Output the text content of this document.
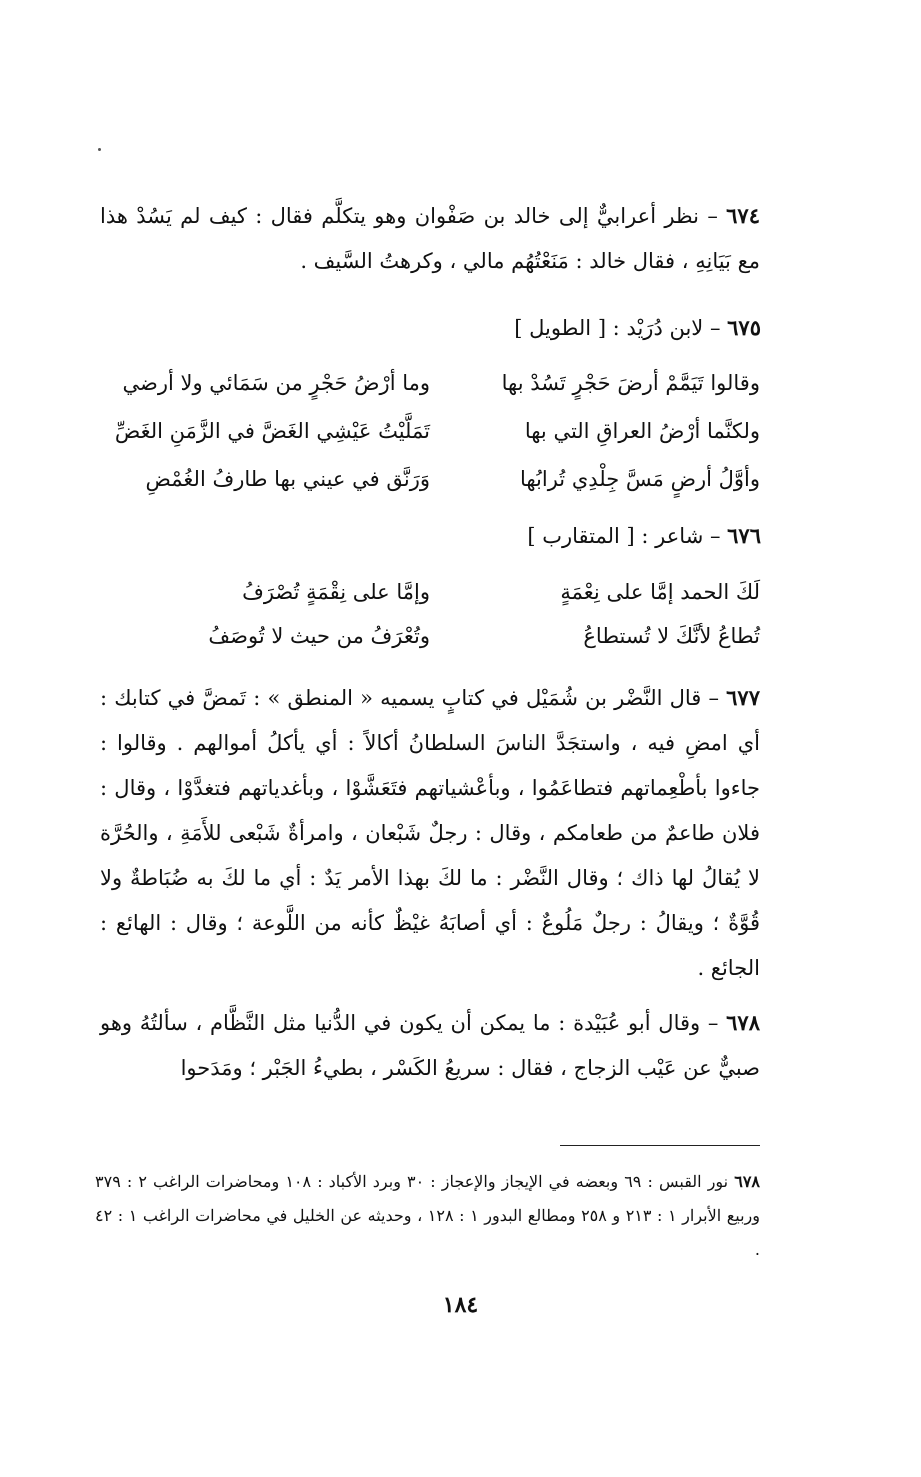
٦٧٤ – نظر أعرابيٌّ إلى خالد بن صَفْوان وهو يتكلَّم فقال : كيف لم يَسُدْ هذا مع بَيَانِهِ ، فقال خالد : مَنَعْتُهُم مالي ، وكرهتُ السَّيف .
٦٧٥ – لابن دُرَيْد : [ الطويل ]
وقالوا تَيَمَّمْ أرضَ حَجْرٍ تَسُدْ بها
وما أرْضُ حَجْرٍ من سَمَائي ولا أرضي
ولكنَّما أرْضُ العراقِ التي بها
تَمَلَّيْتُ عَيْشِي الغَضَّ في الزَّمَنِ الغَضِّ
وأوَّلُ أرضٍ مَسَّ جِلْدِي تُرابُها
وَرَنَّق في عيني بها طارفُ الغُمْضِ
٦٧٦ – شاعر : [ المتقارب ]
لَكَ الحمد إمَّا على نِعْمَةٍ
وإمَّا على نِقْمَةٍ تُصْرَفُ
تُطاعُ لأنَّكَ لا تُستطاعُ
وتُعْرَفُ من حيث لا تُوصَفُ
٦٧٧ – قال النَّضْر بن شُمَيْل في كتابٍ يسميه « المنطق » : تَمضَّ في كتابك : أي امضِ فيه ، واستجَدَّ الناسَ السلطانُ أكالاً : أي يأكلُ أموالهم . وقالوا : جاءوا بأطْعِماتهم فتطاعَمُوا ، وبأعْشياتهم فتَعَشَّوْا ، وبأغدياتهم فتغدَّوْا ، وقال : فلان طاعمٌ من طعامكم ، وقال : رجلٌ شَبْعان ، وامرأةٌ شَبْعى للأَمَةِ ، والحُرَّة لا يُقالُ لها ذاك ؛ وقال النَّضْر : ما لكَ بهذا الأمر يَدٌ : أي ما لكَ به ضُبَاطةٌ ولا قُوَّةٌ ؛ ويقالُ : رجلٌ مَلُوعٌ : أي أصابَهُ غيْظٌ كأنه من اللَّوعة ؛ وقال : الهائع : الجائع .
٦٧٨ – وقال أبو عُبَيْدة : ما يمكن أن يكون في الدُّنيا مثل النَّظَّام ، سألتُهُ وهو صبيٌّ عن عَيْب الزجاج ، فقال : سريعُ الكَسْر ، بطيءُ الجَبْر ؛ ومَدَحوا
٦٧٨ نور القبس : ٦٩ وبعضه في الإيجاز والإعجاز : ٣٠ وبرد الأكباد : ١٠٨ ومحاضرات الراغب ٢ : ٣٧٩ وربيع الأبرار ١ : ٢١٣ و ٢٥٨ ومطالع البدور ١ : ١٢٨ ، وحديثه عن الخليل في محاضرات الراغب ١ : ٤٢ .
١٨٤
